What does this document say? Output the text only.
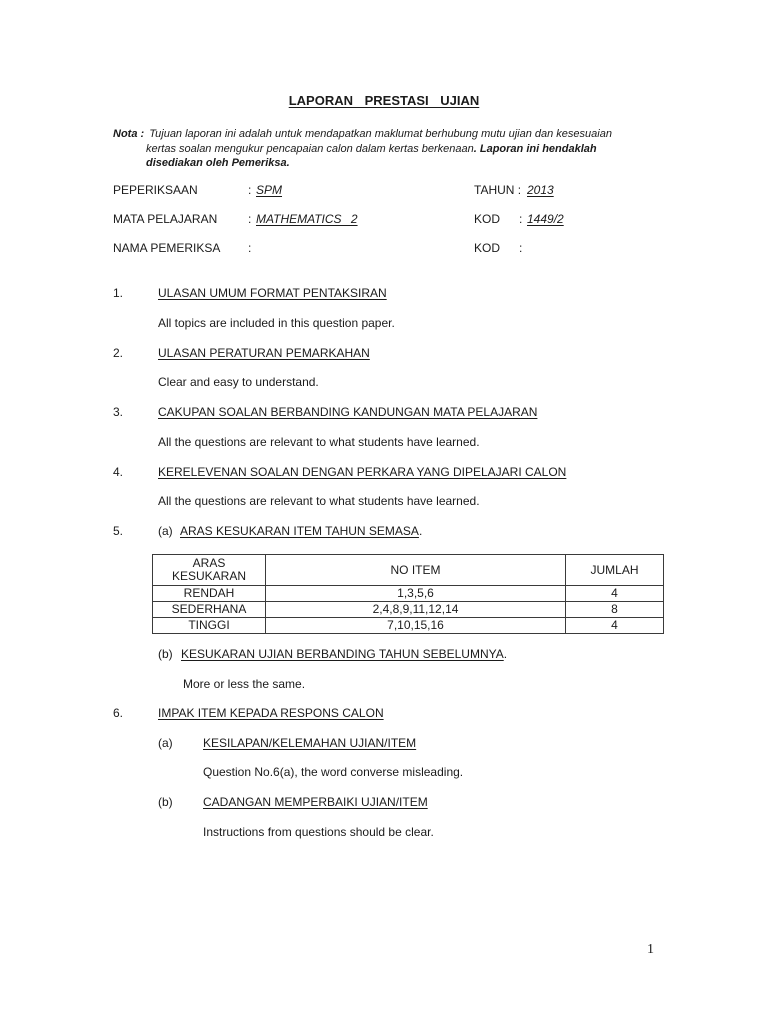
LAPORAN PRESTASI UJIAN
Nota : Tujuan laporan ini adalah untuk mendapatkan maklumat berhubung mutu ujian dan kesesuaian
kertas soalan mengukur pencapaian calon dalam kertas berkenaan. Laporan ini hendaklah
disediakan oleh Pemeriksa.
PEPERIKSAAN	: SPM	TAHUN : 2013
MATA PELAJARAN	: MATHEMATICS 2	KOD : 1449/2
NAMA PEMERIKSA :	KOD :
1.	ULASAN UMUM FORMAT PENTAKSIRAN
All topics are included in this question paper.
2.	ULASAN PERATURAN PEMARKAHAN
Clear and easy to understand.
3.	CAKUPAN SOALAN BERBANDING KANDUNGAN MATA PELAJARAN
All the questions are relevant to what students have learned.
4.	KERELEVENAN SOALAN DENGAN PERKARA YANG DIPELAJARI CALON
All the questions are relevant to what students have learned.
5.	(a) ARAS KESUKARAN ITEM TAHUN SEMASA.
ARAS
KESUKARAN	NO ITEM	JUMLAH
RENDAH	1,3,5,6	4
SEDERHANA	2,4,8,9,11,12,14	8
TINGGI	7,10,15,16	4
(b) KESUKARAN UJIAN BERBANDING TAHUN SEBELUMNYA.
More or less the same.
6.	IMPAK ITEM KEPADA RESPONS CALON
(a)	KESILAPAN/KELEMAHAN UJIAN/ITEM
Question No.6(a), the word converse misleading.
(b)	CADANGAN MEMPERBAIKI UJIAN/ITEM
Instructions from questions should be clear.
1
